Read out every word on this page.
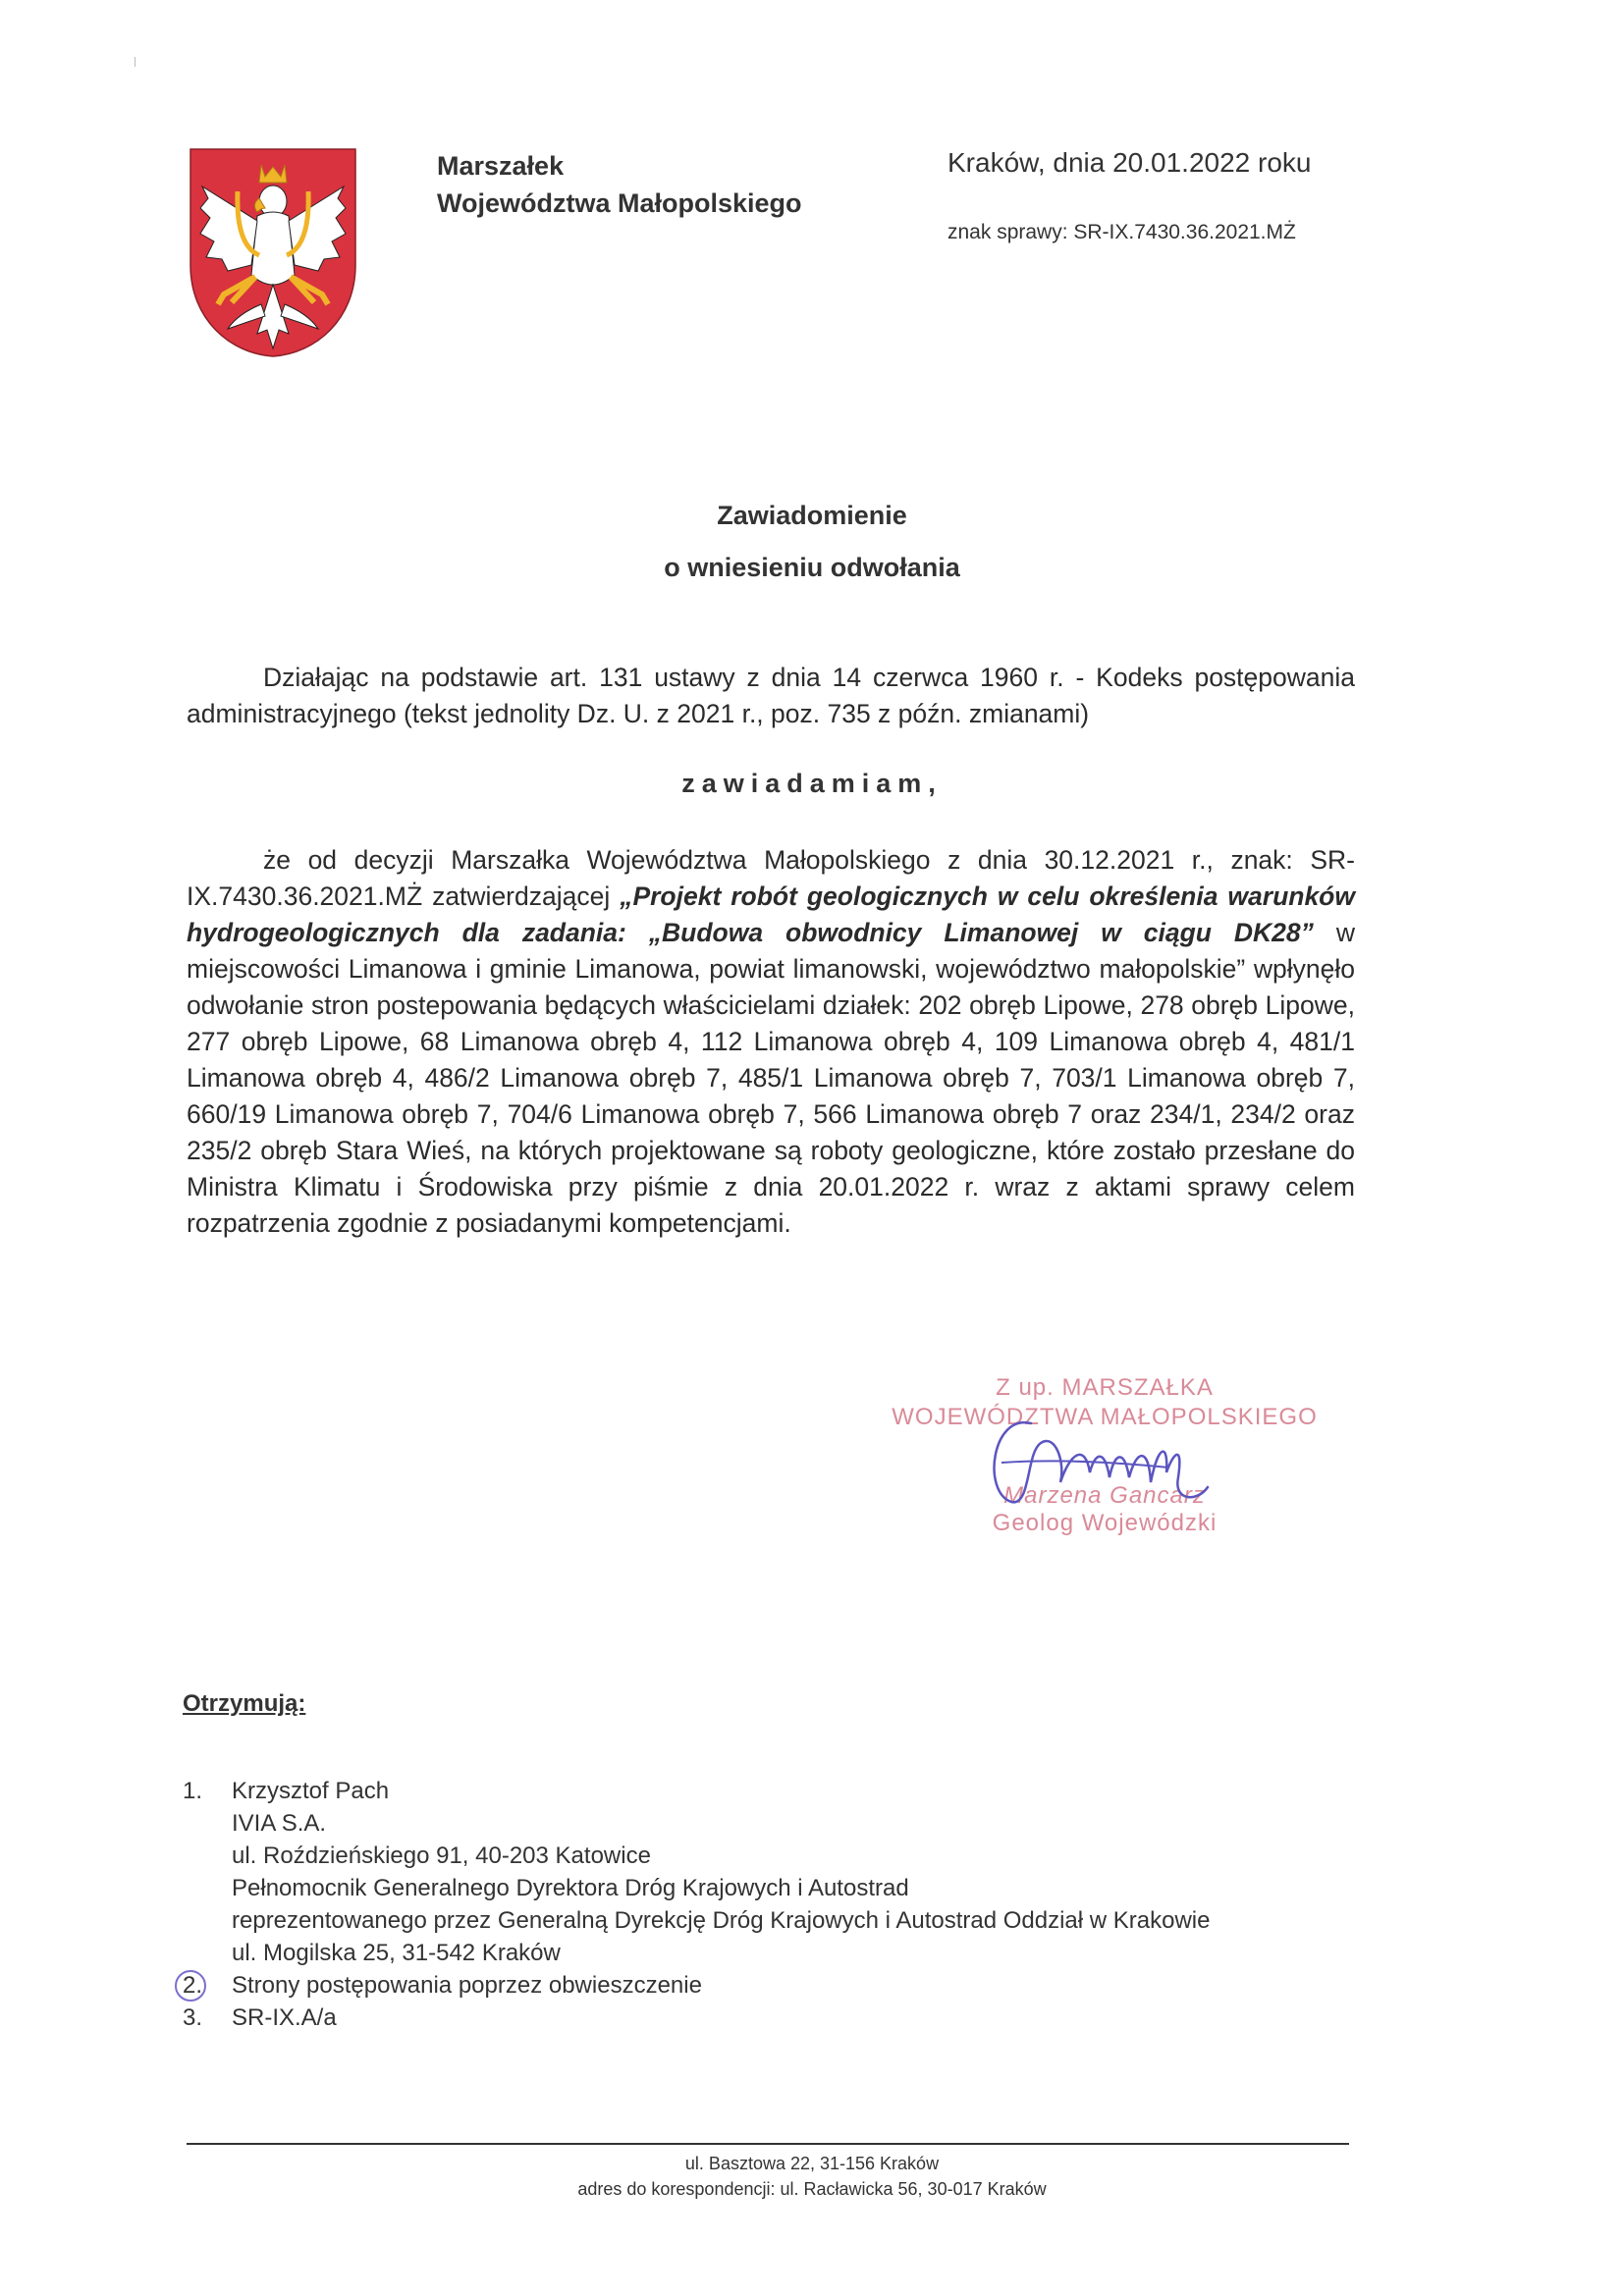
Marszałek
Województwa Małopolskiego
Kraków, dnia 20.01.2022 roku
znak sprawy: SR-IX.7430.36.2021.MŻ
Zawiadomienie
o wniesieniu odwołania
Działając na podstawie art. 131 ustawy z dnia 14 czerwca 1960 r. - Kodeks postępowania administracyjnego (tekst jednolity Dz. U. z 2021 r., poz. 735 z późn. zmianami)
zawiadamiam,
że od decyzji Marszałka Województwa Małopolskiego z dnia 30.12.2021 r., znak: SR-IX.7430.36.2021.MŻ zatwierdzającej „Projekt robót geologicznych w celu określenia warunków hydrogeologicznych dla zadania: „Budowa obwodnicy Limanowej w ciągu DK28” w miejscowości Limanowa i gminie Limanowa, powiat limanowski, województwo małopolskie” wpłynęło odwołanie stron postepowania będących właścicielami działek: 202 obręb Lipowe, 278 obręb Lipowe, 277 obręb Lipowe, 68 Limanowa obręb 4, 112 Limanowa obręb 4, 109 Limanowa obręb 4, 481/1 Limanowa obręb 4, 486/2 Limanowa obręb 7, 485/1 Limanowa obręb 7, 703/1 Limanowa obręb 7, 660/19 Limanowa obręb 7, 704/6 Limanowa obręb 7, 566 Limanowa obręb 7 oraz 234/1, 234/2 oraz 235/2 obręb Stara Wieś, na których projektowane są roboty geologiczne, które zostało przesłane do Ministra Klimatu i Środowiska przy piśmie z dnia 20.01.2022 r. wraz z aktami sprawy celem rozpatrzenia zgodnie z posiadanymi kompetencjami.
Z up. MARSZAŁKA
WOJEWÓDZTWA MAŁOPOLSKIEGO
Marzena Gancarz
Geolog Wojewódzki
Otrzymują:
1.	Krzysztof Pach
IVIA S.A.
ul. Roździeńskiego 91, 40-203 Katowice
Pełnomocnik Generalnego Dyrektora Dróg Krajowych i Autostrad
reprezentowanego przez Generalną Dyrekcję Dróg Krajowych i Autostrad Oddział w Krakowie
ul. Mogilska 25, 31-542 Kraków
2.	Strony postępowania poprzez obwieszczenie
3.	SR-IX.A/a
ul. Basztowa 22, 31-156 Kraków
adres do korespondencji: ul. Racławicka 56, 30-017 Kraków
